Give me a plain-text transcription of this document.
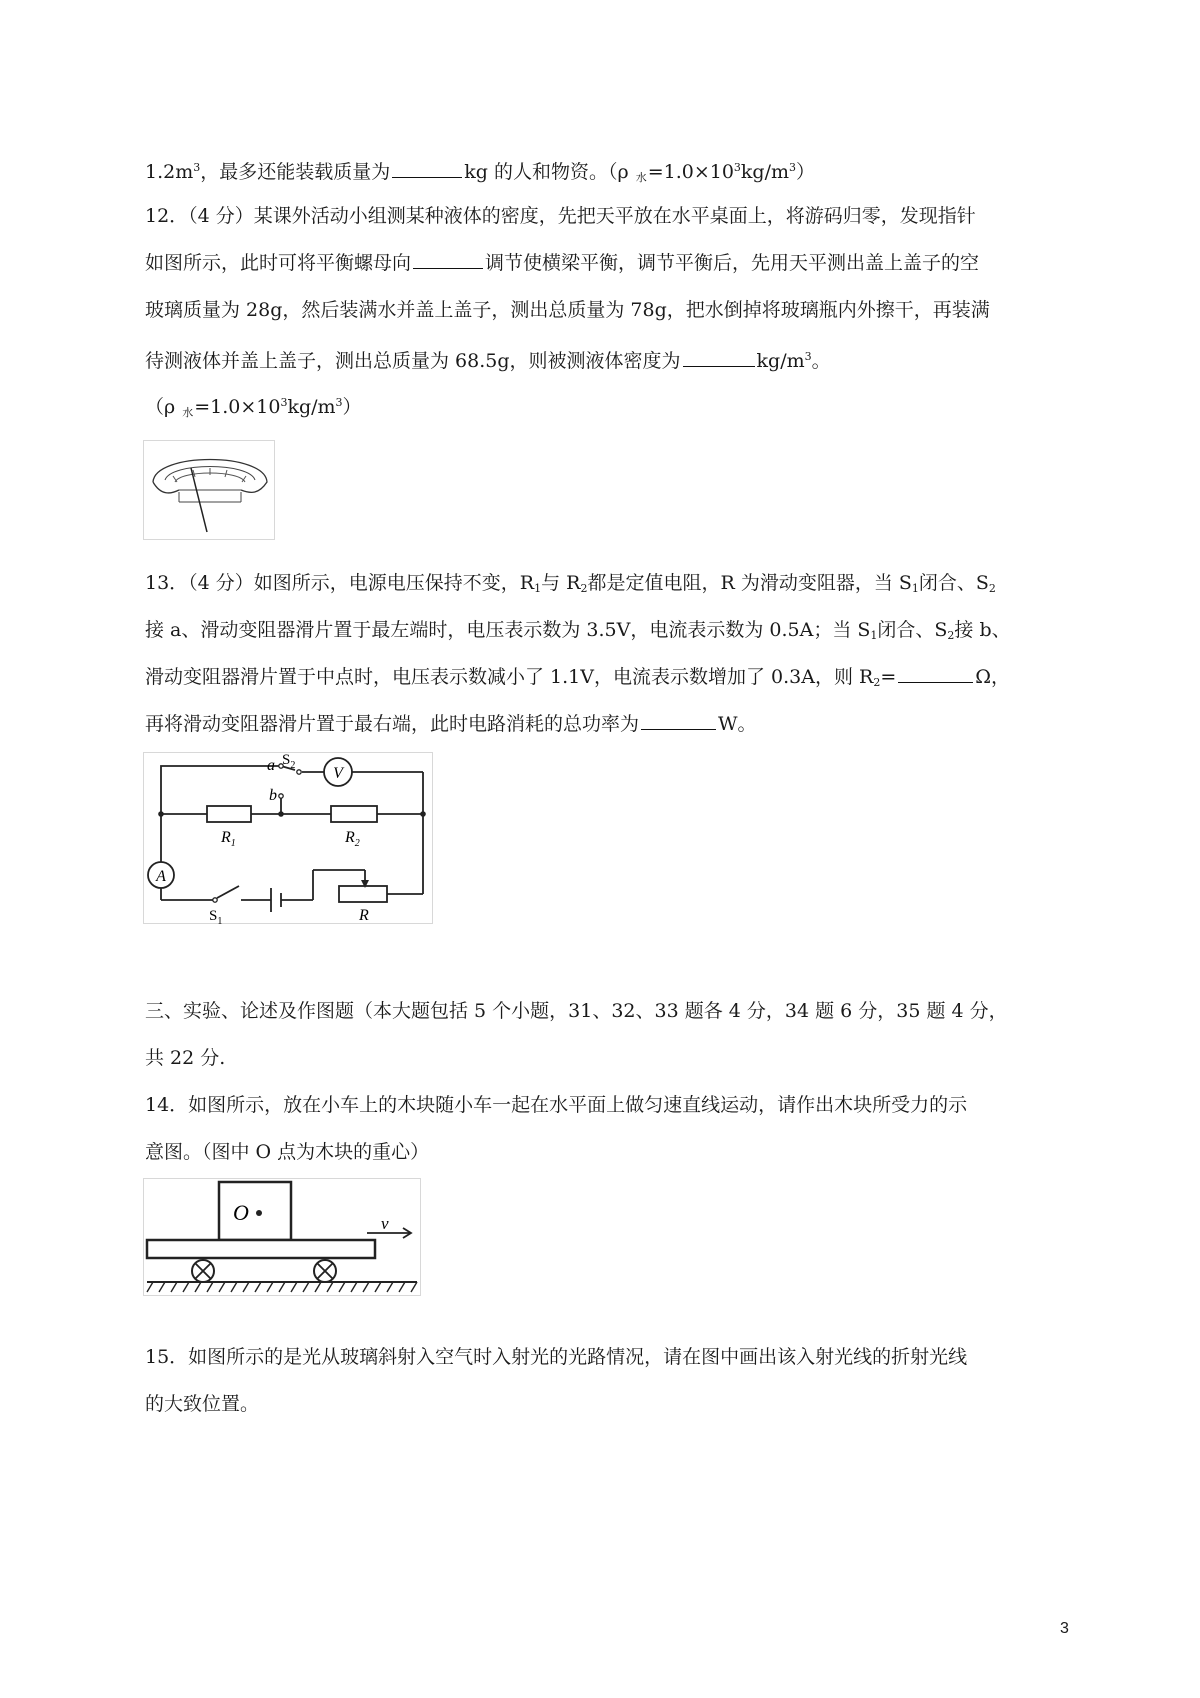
$1.2m^3$，最多还能装载质量为	kg 的人和物资。（ρ 水$=1.0\times 10^3kg/m^3$）
12．（4 分）某课外活动小组测某种液体的密度，先把天平放在水平桌面上，将游码归零，发现指针
如图所示，此时可将平衡螺母向	调节使横梁平衡，调节平衡后，先用天平测出盖上盖子的空
玻璃质量为 28g，然后装满水并盖上盖子，测出总质量为 78g，把水倒掉将玻璃瓶内外擦干，再装满
待测液体并盖上盖子，测出总质量为 68.5g，则被测液体密度为	$kg/m^3$。
（ρ 水$=1.0\times 10^3kg/m^3$）
13．（4 分）如图所示，电源电压保持不变，$R_1$与 $R_2$都是定值电阻，R 为滑动变阻器，当 $S_1$闭合、$S_2$
接 a、滑动变阻器滑片置于最左端时，电压表示数为 3.5V，电流表示数为 0.5A；当 $S_1$闭合、$S_2$接 b、
滑动变阻器滑片置于中点时，电压表示数减小了 1.1V，电流表示数增加了 0.3A，则 $R_2=$	Ω，
再将滑动变阻器滑片置于最右端，此时电路消耗的总功率为	W。
V
A
a
b
$S_2$
$R_1$	$R_2$
$S_1$	R
三、实验、论述及作图题（本大题包括 5 个小题，31、32、33 题各 4 分，34 题 6 分，35 题 4 分，
共 22 分.
14．如图所示，放在小车上的木块随小车一起在水平面上做匀速直线运动，请作出木块所受力的示
意图。（图中 O 点为木块的重心）
O	v
15．如图所示的是光从玻璃斜射入空气时入射光的光路情况，请在图中画出该入射光线的折射光线
的大致位置。
3
